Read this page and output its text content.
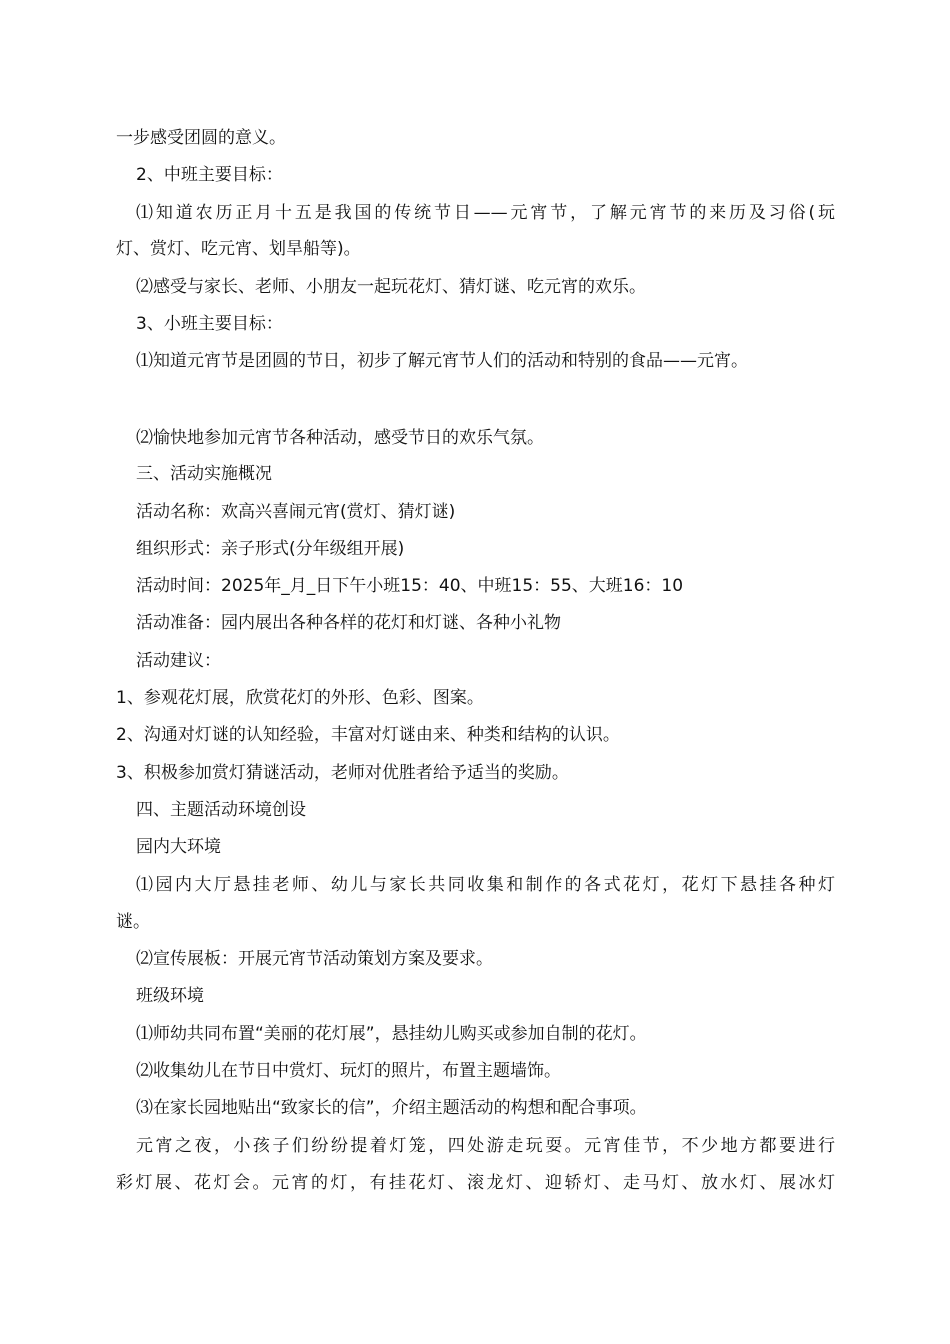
一步感受团圆的意义。
2、中班主要目标：
⑴知道农历正月十五是我国的传统节日——元宵节，了解元宵节的来历及习俗(玩
灯、赏灯、吃元宵、划旱船等)。
⑵感受与家长、老师、小朋友一起玩花灯、猜灯谜、吃元宵的欢乐。
3、小班主要目标：
⑴知道元宵节是团圆的节日，初步了解元宵节人们的活动和特别的食品——元宵。
⑵愉快地参加元宵节各种活动，感受节日的欢乐气氛。
三、活动实施概况
活动名称：欢高兴喜闹元宵(赏灯、猜灯谜)
组织形式：亲子形式(分年级组开展)
活动时间：2025年_月_日下午小班15：40、中班15：55、大班16：10
活动准备：园内展出各种各样的花灯和灯谜、各种小礼物
活动建议：
1、参观花灯展，欣赏花灯的外形、色彩、图案。
2、沟通对灯谜的认知经验，丰富对灯谜由来、种类和结构的认识。
3、积极参加赏灯猜谜活动，老师对优胜者给予适当的奖励。
四、主题活动环境创设
园内大环境
⑴园内大厅悬挂老师、幼儿与家长共同收集和制作的各式花灯，花灯下悬挂各种灯
谜。
⑵宣传展板：开展元宵节活动策划方案及要求。
班级环境
⑴师幼共同布置“美丽的花灯展”，悬挂幼儿购买或参加自制的花灯。
⑵收集幼儿在节日中赏灯、玩灯的照片，布置主题墙饰。
⑶在家长园地贴出“致家长的信”，介绍主题活动的构想和配合事项。
元宵之夜，小孩子们纷纷提着灯笼，四处游走玩耍。元宵佳节，不少地方都要进行
彩灯展、花灯会。元宵的灯，有挂花灯、滚龙灯、迎轿灯、走马灯、放水灯、展冰灯
